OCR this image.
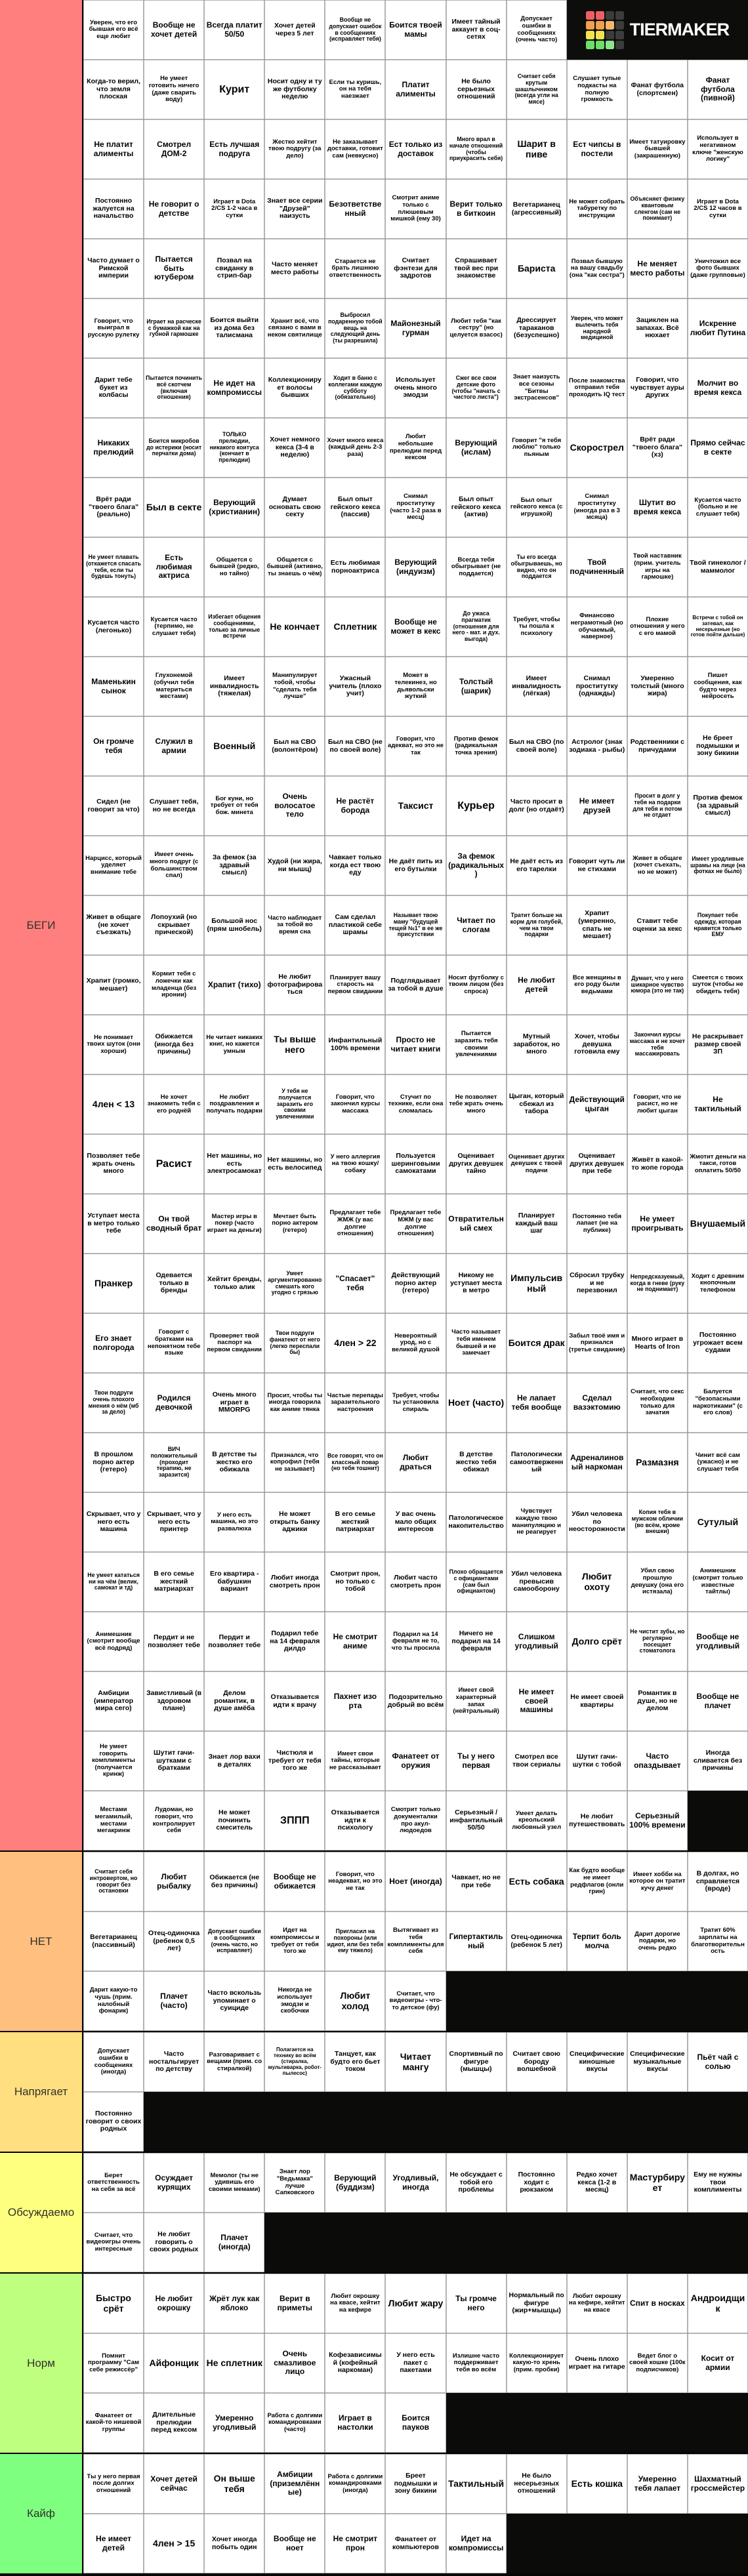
БЕГИ
Уверен, что его бывшая его всё еще любит
Вообще не хочет детей
Всегда платит 50/50
Хочет детей через 5 лет
Вообще не допускает ошибок в сообщениях (исправляет тебя)
Боится твоей мамы
Имеет тайный аккаунт в соц-сетях
Допускает ошибки в сообщениях (очень часто)
TIERMAKER
Когда-то верил, что земля плоская
Не умеет готовить ничего (даже сварить воду)
Курит
Носит одну и ту же футболку неделю
Если ты куришь, он на тебя наезжает
Платит алименты
Не было серьезных отношений
Считает себя крутым шашлычником (всегда угли на мясе)
Слушает тупые подкасты на полную громкость
Фанат футбола (спортсмен)
Фанат футбола (пивной)
Не платит алименты
Смотрел ДОМ-2
Есть лучшая подруга
Жестко хейтит твою подругу (за дело)
Не заказывает доставки, готовит сам (невкусно)
Ест только из доставок
Много врал в начале отношений (чтобы приукрасить себя)
Шарит в пиве
Ест чипсы в постели
Имеет татуировку бывшей (закрашенную)
Использует в негативном ключе "женскую логику"
Постоянно жалуется на начальство
Не говорит о детстве
Играет в Dota 2/CS 1-2 часа в сутки
Знает все серии "Друзей" наизусть
Безответственный
Смотрит аниме только с плюшевым мишкой (ему 30)
Верит только в биткоин
Вегетарианец (агрессивный)
Не может собрать табуретку по инструкции
Объясняет физику квантовым сленгом (сам не понимает)
Играет в Dota 2/CS 12 часов в сутки
Часто думает о Римской империи
Пытается быть ютубером
Позвал на свиданку в стрип-бар
Часто меняет место работы
Старается не брать лишнюю ответственность
Считает фэнтези для задротов
Спрашивает твой вес при знакомстве
Бариста
Позвал бывшую на вашу свадьбу (она "как сестра")
Не меняет место работы
Уничтожил все фото бывших (даже групповые)
Говорит, что выиграл в русскую рулетку
Играет на расческе с бумажкой как на губной гармошке
Боится выйти из дома без талисмана
Хранит всё, что связано с вами в неком святилище
Выбросил подаренную тобой вещь на следующий день (ты разрешила)
Майонезный гурман
Любит тебя "как сестру" (но целуется взасос)
Дрессирует тараканов (безуспешно)
Уверен, что может вылечить тебя народной медициной
Зациклен на запахах. Всё нюхает
Искренне любит Путина
Дарит тебе букет из колбасы
Пытается починить всё скотчем (включая отношения)
Не идет на компромиссы
Коллекционирует волосы бывших
Ходит в баню с коллегами каждую субботу (обязательно)
Использует очень много эмодзи
Сжег все свои детские фото (чтобы "начать с чистого листа")
Знает наизусть все сезоны "Битвы экстрасенсов"
После знакомства отправил тебя проходить IQ тест
Говорит, что чувствует ауры других
Молчит во время кекса
Никаких прелюдий
Боится микробов до истерики (носит перчатки дома)
ТОЛЬКО прелюдии, никакого коитуса (кончает в прелюдии)
Хочет немного кекса (3-4 в неделю)
Хочет много кекса (каждый день 2-3 раза)
Любит небольшие прелюдии перед кексом
Верующий (ислам)
Говорит "я тебя люблю" только пьяным
Скорострел
Врёт ради "твоего блага" (хз)
Прямо сейчас в секте
Врёт ради "твоего блага" (реально)
Был в секте	Верующий (христианин)
Думает основать свою секту
Был опыт гейского кекса (пассив)
Снимал проститутку (часто 1-2 раза в месц)
Был опыт гейского кекса (актив)
Был опыт гейского кекса (с игрушкой)
Снимал проститутку (иногда раз в 3 мсяца)
Шутит во время кекса
Кусается часто (больно и не слушает тебя)
Не умеет плавать (откажется спасать тебя, если ты будешь тонуть)
Есть любимая актриса
Общается с бывшей (редко, но тайно)
Общается с бывшей (активно, ты знаешь о чём)
Есть любимая порноактриса
Верующий (индуизм)
Всегда тебя обыгрывает (не поддается)
Ты его всегда обыгрываешь, но видно, что он поддается
Твой подчиненный
Твой наставник (прим. учитель игры на гармошке)
Твой гинеколог / маммолог
Кусается часто (легонько)
Кусается часто (терпимо, не слушает тебя)
Избегает общения сообщениями, только за личные встречи
Не кончает	Сплетник	Вообще не может в кекс
До ужаса прагматик (отношения для него - мат. и дух. выгода)
Требует, чтобы ты пошла к психологу
Финансово неграмотный (но обучаемый, наверное)
Плохие отношения у него с его мамой
Встречи с тобой он затевал, как несерьезные (но готов пойти дальше)
Маменькин сынок
Глухонемой (обучил тебя материться жестами)
Имеет инвалидность (тяжелая)
Манипулирует тобой, чтобы "сделать тебя лучше"
Ужасный учитель (плохо учит)
Может в телекинез, но дьявольски жуткий
Толстый (шарик)
Имеет инвалидность (лёгкая)
Снимал проститутку (однажды)
Умеренно толстый (много жира)
Пишет сообщения, как будто через нейросеть
Он громче тебя
Служил в армии	Военный	Был на СВО (волонтёром)
Был на СВО (не по своей воле)
Говорит, что адекват, но это не так
Против фемок (радикальная точка зрения)
Был на СВО (по своей воле)
Астролог (знак зодиака - рыбы)
Родственники с причудами
Не бреет подмышки и зону бикини
Сидел (не говорит за что)
Слушает тебя, но не всегда
Бог куни, но требует от тебя бож. минета
Очень волосатое тело
Не растёт борода	Таксист	Курьер	Часто просит в долг (но отдаёт)
Не имеет друзей
Просит в долг у тебя на подарки для тебя и потом не отдает
Против фемок (за здравый смысл)
Нарцисс, который уделяет внимание тебе
Имеет очень много подруг (с большинством спал)
За фемок (за здравый смысл)
Худой (ни жира, ни мышц)
Чавкает только когда ест твою еду
Не даёт пить из его бутылки
За фемок (радикальных)
Не даёт есть из его тарелки
Говорит чуть ли не стихами
Живет в общаге (хочет съехать, но не может)
Имеет уродливые шрамы на лице (на фотках не было)
Живет в общаге (не хочет съезжать)
Лопоухий (но скрывает прической)
Большой нос (прям шнобель)
Часто наблюдает за тобой во время сна
Сам сделал пластикой себе шрамы
Называет твою маму "будущей тещей №1" в ее же присутствии
Читает по слогам
Тратит больше на корм для голубей, чем на твои подарки
Храпит (умеренно, спать не мешает)
Ставит тебе оценки за кекс
Покупает тебе одежду, которая нравится только ЕМУ
Храпит (громко, мешает)
Кормит тебя с ложечки как младенца (без иронии)
Храпит (тихо)
Не любит фотографироваться
Планирует вашу старость на первом свидании
Подглядывает за тобой в душе
Носит футболку с твоим лицом (без спроса)
Не любит детей
Все женщины в его роду были ведьмами
Думает, что у него шикарное чувство юмора (это не так)
Смеется с твоих шуток (чтобы не обидеть тебя)
Не понимает твоих шуток (они хороши)
Обижается (иногда без причины)
Не читает никаких книг, но кажется умным
Ты выше него
Инфантильный 100% времени
Просто не читает книги
Пытается заразить тебя своими увлечениями
Мутный заработок, но много
Хочет, чтобы девушка готовила ему
Закончил курсы массажа и не хочет тебя массажировать
Не раскрывает размер своей ЗП
4лен < 13
Не хочет знакомить тебя с его роднёй
Не любит поздравления и получать подарки
У тебя не получается заразить его своими увлечениями
Говорит, что закончил курсы массажа
Стучит по технике, если она сломалась
Не позволяет тебе жрать очень много
Цыган, который сбежал из табора
Действующий цыган
Говорит, что не расист, но не любит цыган
Не тактильный
Позволяет тебе жрать очень много
Расист
Нет машины, но есть электросамокат
Нет машины, но есть велосипед
У него аллергия на твою кошку/собаку
Пользуется шеринговыми самокатами
Оценивает других девушек тайно
Оценивает других девушек с твоей подачи
Оценивает других девушек при тебе
Живёт в какой-то жопе города
Жмотит деньги на такси, готов оплатить 50/50
Уступает места в метро только тебе
Он твой сводный брат
Мастер игры в покер (часто играет на деньги)
Мечтает быть порно актером (гетеро)
Предлагает тебе ЖМЖ (у вас долгие отношения)
Предлагает тебе МЖМ (у вас долгие отношения)
Отвратительный смех
Планирует каждый ваш шаг
Постоянно тебя лапает (не на публике)
Не умеет проигрывать Внушаемый
Пранкер
Одевается только в бренды
Хейтит бренды, только алик
Умеет аргументированно смешать кого угодно с грязью
"Спасает" тебя
Действующий порно актер (гетеро)
Никому не уступает места в метро
Импульсивный
Сбросил трубку и не перезвонил
Непредсказуемый, когда в гневе (руку не поднимает)
Ходит с древним кнопочным телефоном
Его знает полгорода
Говорит с братками на непонятном тебе языке
Проверяет твой паспорт на первом свидании
Твои подруги фанатеют от него (легко переспали бы)
4лен > 22
Невероятный урод, но с великой душой
Часто называет тебя именем бывшей и не замечает
Боится драк
Забыл твоё имя и признался (третье свидание)
Много играет в Hearts of Iron
Постоянно угрожает всем судами
Твои подруги очень плохого мнения о нём (мб за дело)
Родился девочкой
Очень много играет в MMORPG
Просит, чтобы ты иногда говорила как аниме тянка
Частые перепады заразительного настроения
Требует, чтобы ты установила спираль
Ноет (часто)	Не лапает тебя вообще
Сделал вазэктомию
Считает, что секс необходим только для зачатия
Балуется "безопасными наркотиками" (с его слов)
В прошлом порно актер (гетеро)
ВИЧ положительный (проходит терапию, не заразится)
В детстве ты жестко его обижала
Признался, что копрофил (тебя не зазывает)
Все говорят, что он классный повар (но тебя тошнит)
Любит драться
В детстве жестко тебя обижал
Патологически самоотверженный
Адреналиновый наркоман	Размазня
Чинит всё сам (ужасно) и не слушает тебя
Скрывает, что у него есть машина
Скрывает, что у него есть принтер
У него есть машина, но это развалюха
Не может открыть банку аджики
В его семье жесткий патриархат
У вас очень мало общих интересов
Патологическое накопительство
Чувствует каждую твою манипуляцию и не реагирует
Убил человека по неосторожности
Копия тебя в мужском обличии (во всём, кроме внешки)
Сутулый
Не умеет кататься ни на чём (велик, самокат и тд)
В его семье жесткий матриархат
Его квартира - бабушкин вариант
Любит иногда смотреть прон
Смотрит прон, но только с тобой
Любит часто смотреть прон
Плохо обращается с официантами (сам был официантом)
Убил человека превысив самооборону
Любит охоту
Убил свою прошлую девушку (она его истязала)
Анимешник (смотрит только известные тайтлы)
Анимешник (смотрит вообще всё подряд)
Пердит и не позволяет тебе
Пердит и позволяет тебе
Подарил тебе на 14 февраля дилдо
Не смотрит аниме
Подарил на 14 февраля не то, что ты просила
Ничего не подарил на 14 февраля
Слишком угодливый	Долго срёт
Не чистит зубы, но регулярно посещает стоматолога
Вообще не угодливый
Амбиции (император мира сего)
Завистливый (в здоровом плане)
Делом романтик, в душе амёба
Отказывается идти к врачу
Пахнет изо рта
Подозрительно добрый во всём
Имеет свой характерный запах (нейтральный)
Не имеет своей машины
Не имеет своей квартиры
Романтик в душе, но не делом
Вообще не плачет
Не умеет говорить комплименты (получается кринж)
Шутит гачи-шутками с братками
Знает лор вахи в деталях
Чистюля и требует от тебя того же
Имеет свои тайны, которые не рассказывает
Фанатеет от оружия
Ты у него первая
Смотрел все твои сериалы
Шутит гачи-шутки с тобой
Часто опаздывает
Иногда сливается без причины
Местами мегамилый, местами мегакринж
Лудоман, но говорит, что контролирует себя
Не может починить смеситель
ЗППП
Отказывается идти к психологу
Смотрит только документалки про акул-людоедов
Серьезный / инфантильный 50/50
Умеет делать креольский любовный узел
Не любит путешествовать
Серьезный 100% времени
НЕТ
Считает себя интровертом, но говорит без остановки
Любит рыбалку
Обижается (не без причины)
Вообще не обижается
Говорит, что неадекват, но это не так
Ноет (иногда)	Чавкает, но не при тебе	Есть собака
Как будто вообще не имеет редфлагов (онли грин)
Имеет хобби на которое он тратит кучу денег
В долгах, но справляется (вроде)
Вегетарианец (пассивный)
Отец-одиночка (ребенок 0,5 лет)
Допускает ошибки в сообщениях (очень часто, но исправляет)
Идет на компромиссы и требует от тебя того же
Пригласил на похороны (или идиот, или без тебя ему тяжело)
Вытягивает из тебя комплименты для себя
Гипертактильный
Отец-одиночка (ребенок 5 лет)
Терпит боль молча
Дарит дорогие подарки, но очень редко
Тратит 60% зарплаты на благотворительность
Дарит какую-то чушь (прим. налобный фонарик)
Плачет (часто)
Часто вскользь упоминает о суициде
Никогда не использует эмодзи и скобочки
Любит холод
Считает, что видеоигры - что-то детское (фу)
Напрягает
Допускает ошибки в сообщениях (иногда)
Часто ностальгирует по детству
Разговаривает с вещами (прим. со стиралкой)
Полагается на технику во всём (стиралка, мультиварка, робот-пылесос)
Танцует, как будто его бьет током
Читает мангу
Спортивный по фигуре (мышцы)
Считает свою бороду волшебной
Специфические киношные вкусы
Специфические музыкальные вкусы
Пьёт чай с солью
Постоянно говорит о своих родных
Обсуждаемо
Берет ответственность на себя за всё
Осуждает курящих
Мемолог (ты не удивишь его своими мемами)
Знает лор "Ведьмака" лучше Сапковского
Верующий (буддизм)
Угодливый, иногда
Не обсуждает с тобой его проблемы
Постоянно ходит с рюкзаком
Редко хочет кекса (1-2 в месяц)
Мастурбирует
Ему не нужны твои комплименты
Считает, что видеоигры очень интересные
Не любит говорить о своих родных
Плачет (иногда)
Норм
Быстро срёт
Не любит окрошку
Жрёт лук как яблоко
Верит в приметы
Любит окрошку на квасе, хейтит на кефире
Любит жару	Ты громче него
Нормальный по фигуре (жир+мышцы)
Любит окрошку на кефире, хейтит на квасе
Спит в носках Андроидщик
Помнит программу "Сам себе режиссёр"
Айфонщик Не сплетник
Очень смазливое лицо
Кофезависимый (кофейный наркоман)
У него есть пакет с пакетами
Излишне часто поддерживает тебя во всём
Коллекционирует какую-то хрень (прим. пробки)
Очень плохо играет на гитаре
Ведет блог о своей кошке (100к подписчиков)
Косит от армии
Фанатеет от какой-то нишевой группы
Длительные прелюдии перед кексом
Умеренно угодливый
Работа с долгими командировками (часто)
Играет в настолки
Боится пауков
Кайф
Ты у него первая после долгих отношений
Хочет детей сейчас
Он выше тебя
Амбиции (приземлённые)
Работа с долгими командировками (иногда)
Бреет подмышки и зону бикини
Тактильный
Не было несерьезных отношений
Есть кошка	Умеренно тебя лапает
Шахматный гроссмейстер
Не имеет детей	4лен > 15	Хочет иногда побыть один
Вообще не ноет
Не смотрит прон
Фанатеет от компьютеров
Идет на компромиссы
